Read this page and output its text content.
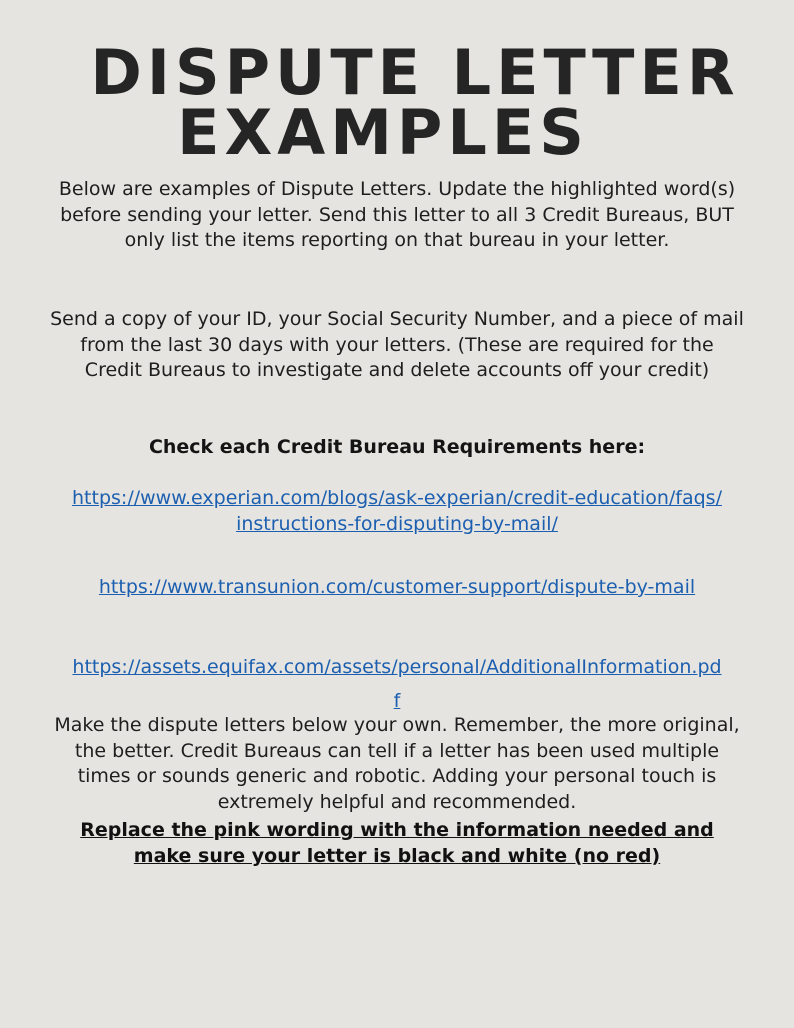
DISPUTE LETTER
EXAMPLES
Below are examples of Dispute Letters. Update the highlighted word(s) before sending your letter. Send this letter to all 3 Credit Bureaus, BUT only list the items reporting on that bureau in your letter.
Send a copy of your ID, your Social Security Number, and a piece of mail from the last 30 days with your letters. (These are required for the Credit Bureaus to investigate and delete accounts off your credit)
Check each Credit Bureau Requirements here:
https://www.experian.com/blogs/ask-experian/credit-education/faqs/instructions-for-disputing-by-mail/
https://www.transunion.com/customer-support/dispute-by-mail
https://assets.equifax.com/assets/personal/AdditionalInformation.pdf
Make the dispute letters below your own. Remember, the more original, the better. Credit Bureaus can tell if a letter has been used multiple times or sounds generic and robotic. Adding your personal touch is extremely helpful and recommended.
Replace the pink wording with the information needed and make sure your letter is black and white (no red)
